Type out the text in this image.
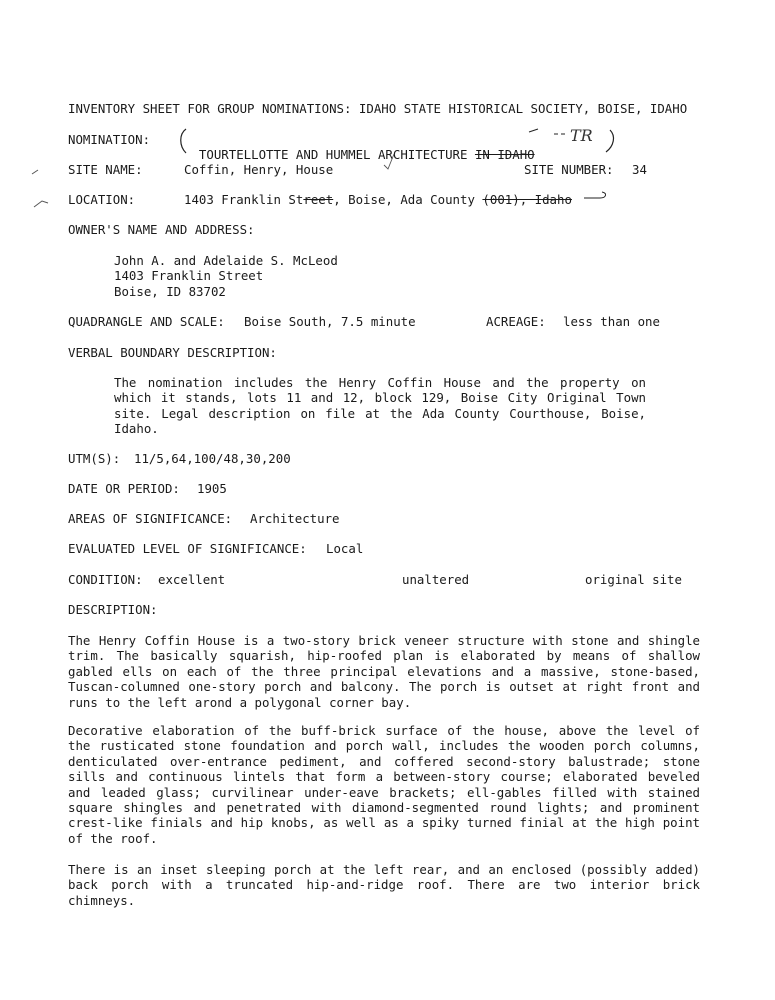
INVENTORY SHEET FOR GROUP NOMINATIONS: IDAHO STATE HISTORICAL SOCIETY, BOISE, IDAHO
NOMINATION:

TOURTELLOTTE AND HUMMEL ARCHITECTURE IN IDAHO

TR
SITE NAME:	Coffin, Henry, House	SITE NUMBER: 34
LOCATION:	1403 Franklin Street, Boise, Ada County (001), Idaho
OWNER'S NAME AND ADDRESS:
John A. and Adelaide S. McLeod
1403 Franklin Street
Boise, ID 83702
QUADRANGLE AND SCALE: Boise South, 7.5 minute	ACREAGE: less than one
VERBAL BOUNDARY DESCRIPTION:
The nomination includes the Henry Coffin House and the property on which it stands, lots 11 and 12, block 129, Boise City Original Town site. Legal description on file at the Ada County Courthouse, Boise, Idaho.
UTM(S): 11/5,64,100/48,30,200
DATE OR PERIOD: 1905
AREAS OF SIGNIFICANCE: Architecture
EVALUATED LEVEL OF SIGNIFICANCE: Local
CONDITION: excellent	unaltered	original site
DESCRIPTION:
The Henry Coffin House is a two-story brick veneer structure with stone and shingle trim. The basically squarish, hip-roofed plan is elaborated by means of shallow gabled ells on each of the three principal elevations and a massive, stone-based, Tuscan-columned one-story porch and balcony. The porch is outset at right front and runs to the left arond a polygonal corner bay.
Decorative elaboration of the buff-brick surface of the house, above the level of the rusticated stone foundation and porch wall, includes the wooden porch columns, denticulated over-entrance pediment, and coffered second-story balustrade; stone sills and continuous lintels that form a between-story course; elaborated beveled and leaded glass; curvilinear under-eave brackets; ell-gables filled with stained square shingles and penetrated with diamond-segmented round lights; and prominent crest-like finials and hip knobs, as well as a spiky turned finial at the high point of the roof.
There is an inset sleeping porch at the left rear, and an enclosed (possibly added) back porch with a truncated hip-and-ridge roof. There are two interior brick chimneys.
